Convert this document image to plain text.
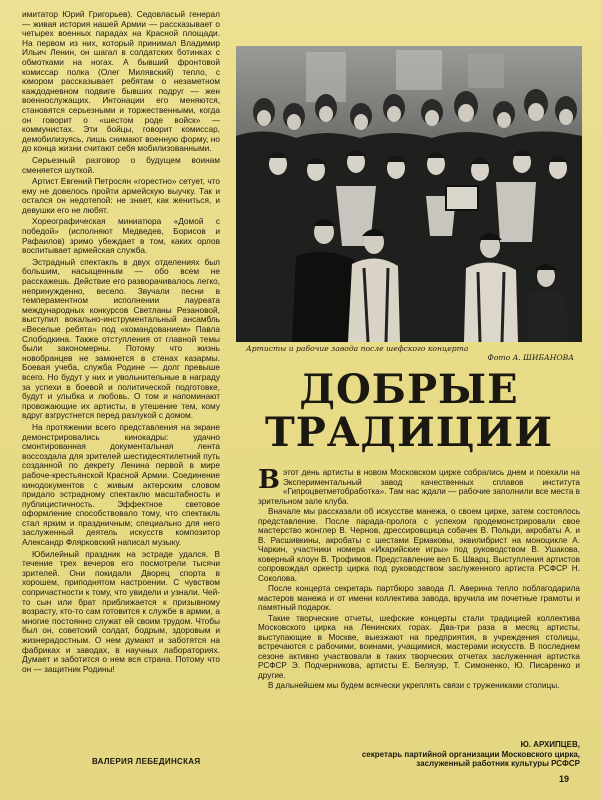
имитатор Юрий Григорьев). Седовласый генерал — живая история нашей Армии — рассказывает о четырех военных парадах на Красной площади. На первом из них, который принимал Владимир Ильич Ленин, он шагал в солдатских ботинках с обмотками на ногах. А бывший фронтовой комиссар полка (Олег Милявский) тепло, с юмором рассказывает ребятам о незаметном каждодневном подвиге бывших подруг — жен военнослужащих. Интонации его меняются, становятся серьезными и торжественными, когда он говорит о «шестом роде войск» — коммунистах. Эти бойцы, говорит комиссар, демобилизуясь, лишь снимают военную форму, но до конца жизни считают себя мобилизованными.

Серьезный разговор о будущем воинам сменяется шуткой.

Артист Евгений Петросян «горестно» сетует, что ему не довелось пройти армейскую выучку. Так и остался он недотепой: не знает, как жениться, и девушки его не любят.

Хореографическая миниатюра «Домой с победой» (исполняют Медведев, Борисов и Рафаилов) зримо убеждает в том, каких орлов воспитывает армейская служба.

Эстрадный спектакль в двух отделениях был большим, насыщенным — обо всем не расскажешь. Действие его разворачивалось легко, непринужденно, весело. Звучали песни в темпераментном исполнении лауреата международных конкурсов Светланы Резановой, выступил вокально-инструментальный ансамбль «Веселые ребята» под «командованием» Павла Слободкина. Также отступления от главной темы были закономерны. Потому что жизнь новобранцев не замкнется в стенах казармы. Боевая учеба, служба Родине — долг превыше всего. Но будут у них и увольнительные в награду за успехи в боевой и политической подготовке, будут и улыбка и любовь. О том и напоминают провожающие их артисты, в утешение тем, кому вдруг взгрустнется перед разлукой с домом.

На протяжении всего представления на экране демонстрировались кинокадры: удачно смонтированная документальная лента воссоздала для зрителей шестидесятилетний путь созданной по декрету Ленина первой в мире рабоче-крестьянской Красной Армии. Соединение кинодокументов с живым актерским словом придало эстрадному спектаклю масштабность и публицистичность. Эффектное световое оформление способствовало тому, что спектакль стал ярким и праздничным; специально для него заслуженный деятель искусств композитор Александр Флярковский написал музыку.

Юбилейный праздник на эстраде удался. В течение трех вечеров его посмотрели тысячи зрителей. Они покидали Дворец спорта в хорошем, приподнятом настроении. С чувством сопричастности к тому, что увидели и узнали. Чей-то сын или брат приближается к призывному возрасту, кто-то сам готовится к службе в армии, а многие постоянно служат ей своим трудом. Чтобы был он, советский солдат, бодрым, здоровым и жизнерадостным. О нем думают и заботятся на фабриках и заводах, в научных лабораториях. Думает и заботится о нем вся страна. Потому что он — защитник Родины!

ВАЛЕРИЯ ЛЕБЕДИНСКАЯ
Артисты и рабочие завода после шефского концерта
Фото А. ШИБАНОВА
ДОБРЫЕ
ТРАДИЦИИ

Вэтот день артисты в новом Московском цирке собрались днем и поехали на Экспериментальный завод качественных сплавов института «Гипроцветметобработка». Там нас ждали — рабочие заполнили все места в зрительном зале клуба.

Вначале мы рассказали об искусстве манежа, о своем цирке, затем состоялось представление. После парада-пролога с успехом продемонстрировали свое мастерство жонглер В. Чернов, дрессировщица собачек В. Польди, акробаты А. и В. Расшивкины, акробаты с шестами Ермаковы, эквилибрист на моноцикле А. Чаркин, участники номера «Икарийские игры» под руководством В. Ушакова, коверный клоун В. Трофимов. Представление вел Б. Шварц. Выступления артистов сопровождал оркестр цирка под руководством заслуженного артиста РСФСР Н. Соколова.

После концерта секретарь партбюро завода Л. Аверина тепло поблагодарила мастеров манежа и от имени коллектива завода, вручила им почетные грамоты и памятный подарок.

Такие творческие отчеты, шефские концерты стали традицией коллектива Московского цирка на Ленинских горах. Два-три раза в месяц артисты, выступающие в Москве, выезжают на предприятия, в учреждения столицы, встречаются с рабочими, воинами, учащимися, мастерами искусств. В последнем сезоне активно участвовали в таких творческих отчетах заслуженная артистка РСФСР Э. Подчерникова, артисты Е. Беляуэр, Т. Симоненко, Ю. Писаренко и другие.

В дальнейшем мы будем всячески укреплять связи с тружениками столицы.

Ю. АРХИПЦЕВ,
секретарь партийной организации Московского цирка,
заслуженный работник культуры РСФСР
19
